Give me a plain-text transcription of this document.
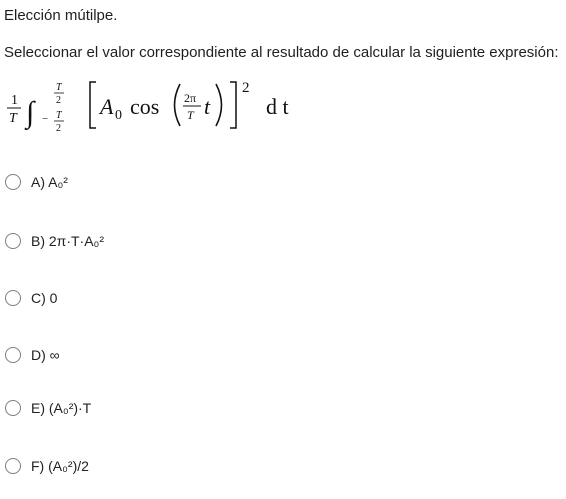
Elección mútilpe.
Seleccionar el valor correspondiente al resultado de calcular la siguiente expresión:
1
T ∫
T
2
− T
2
A 0 cos 2π
T t
2
d t
A) A₀²
B) 2π·T·A₀²
C) 0
D) ∞
E) (A₀²)·T
F) (A₀²)/2
